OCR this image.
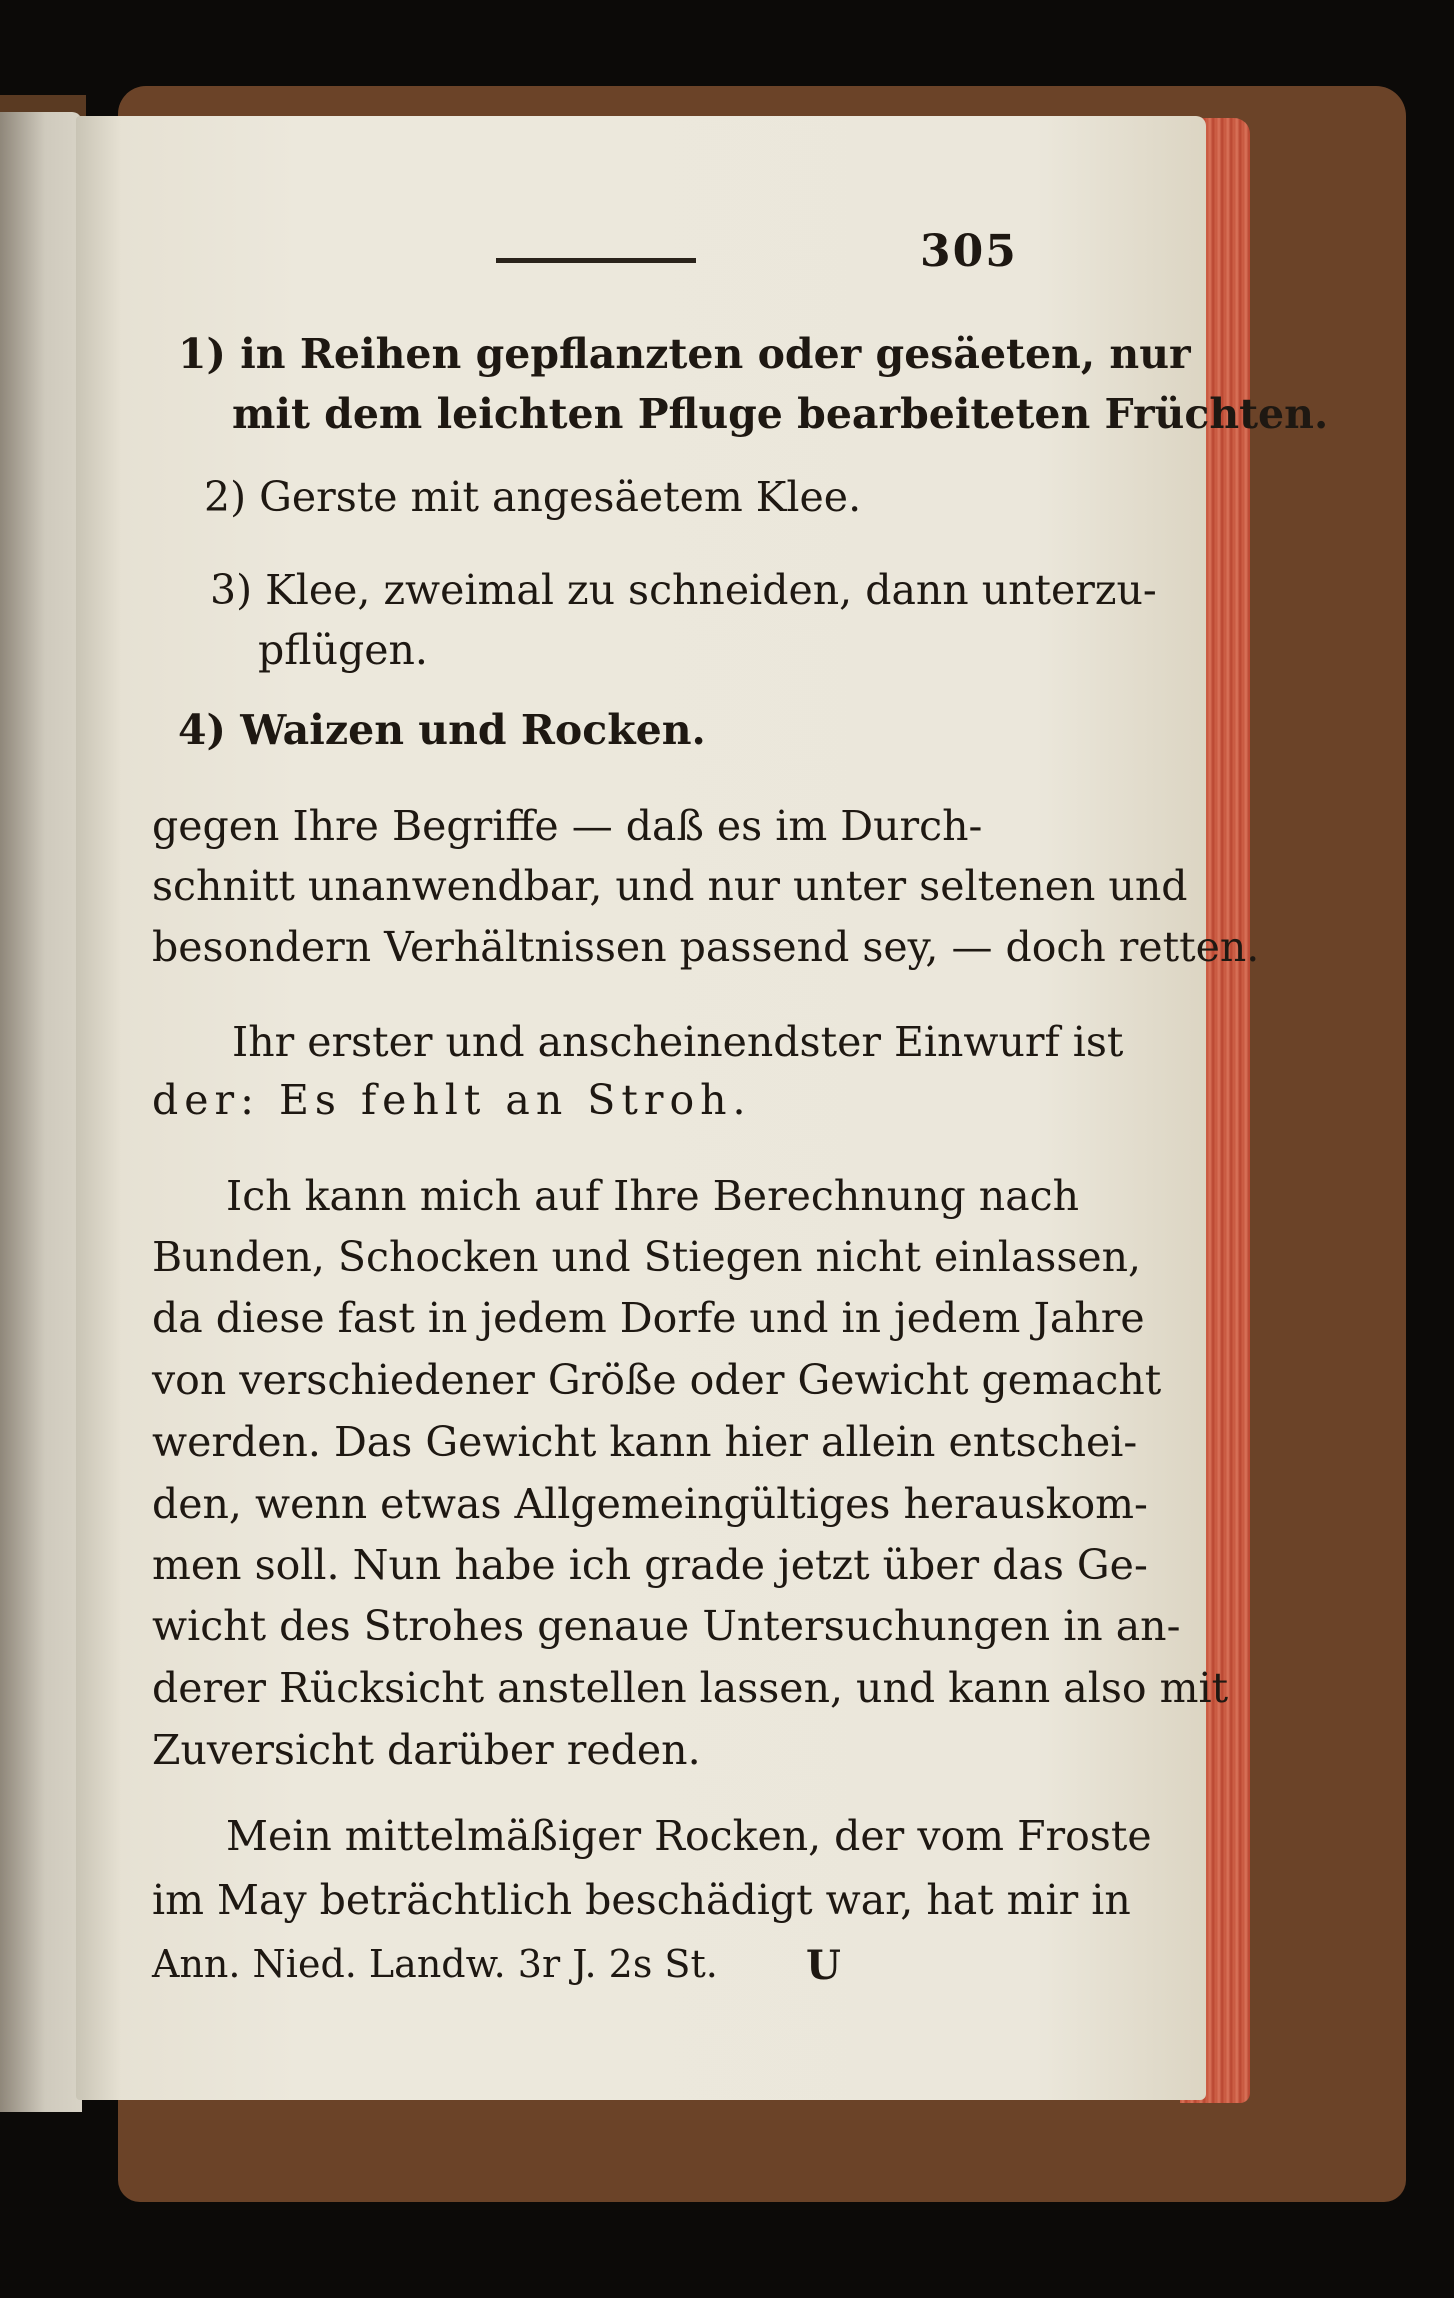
305

1) in Reihen gepflanzten oder gesäeten, nur

mit dem leichten Pfluge bearbeiteten Früchten.

2) Gerste mit angesäetem Klee.

3) Klee, zweimal zu schneiden, dann unterzu-

pflügen.

4) Waizen und Rocken.

gegen Ihre Begriffe — daß es im Durch-

schnitt unanwendbar, und nur unter seltenen und

besondern Verhältnissen passend sey, — doch retten.

Ihr erster und anscheinendster Einwurf ist

der: Es fehlt an Stroh.

Ich kann mich auf Ihre Berechnung nach

Bunden, Schocken und Stiegen nicht einlassen,

da diese fast in jedem Dorfe und in jedem Jahre

von verschiedener Größe oder Gewicht gemacht

werden. Das Gewicht kann hier allein entschei-

den, wenn etwas Allgemeingültiges herauskom-

men soll. Nun habe ich grade jetzt über das Ge-

wicht des Strohes genaue Untersuchungen in an-

derer Rücksicht anstellen lassen, und kann also mit

Zuversicht darüber reden.

Mein mittelmäßiger Rocken, der vom Froste

im May beträchtlich beschädigt war, hat mir in

Ann. Nied. Landw. 3r J. 2s St. U
